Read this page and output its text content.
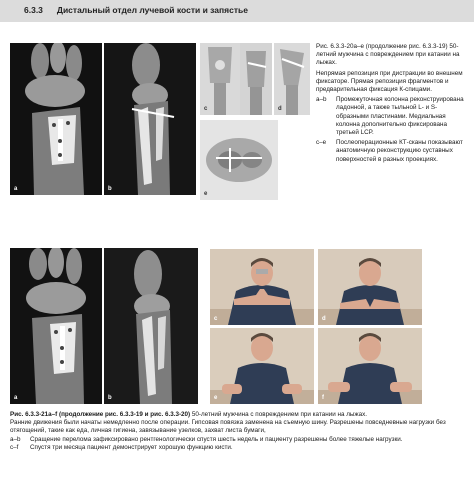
6.3.3 Дистальный отдел лучевой кости и запястье
a	b
c	d
e
Рис. 6.3.3-20a–e (продолжение рис. 6.3.3-19) 50-летний мужчина с повреждением при катании на лыжах.
Непрямая репозиция при дистракции во внешнем фиксаторе. Прямая репозиция фрагментов и предварительная фиксация К-спицами.
a–b	Промежуточная колонна реконструирована ладонной, а также тыльной L- и S-образными пластинами. Медиальная колонна дополнительно фиксирована третьей LCP.
c–e	Послеоперационные КТ-сканы показывают анатомичную реконструкцию суставных поверхностей в разных проекциях.
a	b
c	d
e	f
Рис. 6.3.3-21a–f (продолжение рис. 6.3.3-19 и рис. 6.3.3-20) 50-летний мужчина с повреждением при катании на лыжах.
Ранние движения были начаты немедленно после операции. Гипсовая повязка заменена на съемную шину. Разрешены повседневные нагрузки без отягощений, такие как еда, личная гигиена, завязывание узелков, захват листа бумаги,
a–b	Сращение перелома зафиксировано рентгенологически спустя шесть недель и пациенту разрешены более тяжелые нагрузки.
c–f	Спустя три месяца пациент демонстрирует хорошую функцию кисти.
